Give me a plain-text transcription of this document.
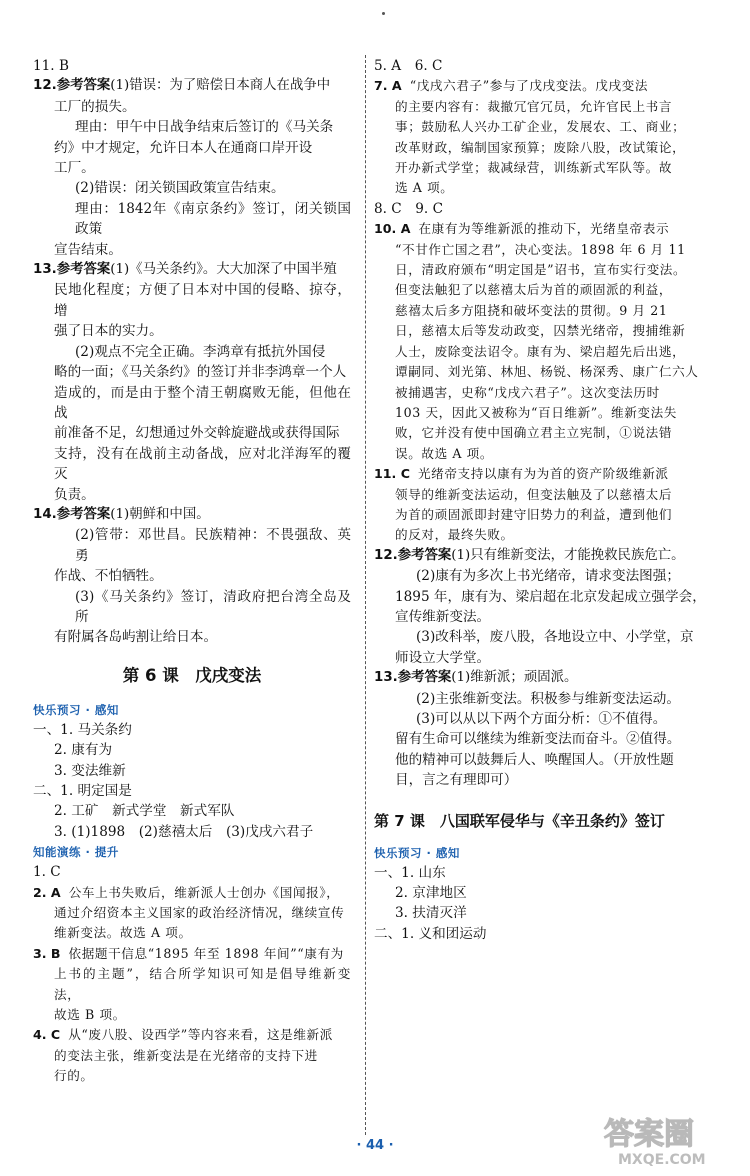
11. B

12.参考答案(1)错误：为了赔偿日本商人在战争中

工厂的损失。

理由：甲午中日战争结束后签订的《马关条

约》中才规定，允许日本人在通商口岸开设

工厂。

(2)错误：闭关锁国政策宣告结束。

理由：1842年《南京条约》签订，闭关锁国政策

宣告结束。

13.参考答案(1)《马关条约》。大大加深了中国半殖

民地化程度；方便了日本对中国的侵略、掠夺，增

强了日本的实力。

(2)观点不完全正确。李鸿章有抵抗外国侵

略的一面；《马关条约》的签订并非李鸿章一个人

造成的，而是由于整个清王朝腐败无能，但他在战

前准备不足，幻想通过外交斡旋避战或获得国际

支持，没有在战前主动备战，应对北洋海军的覆灭

负责。

14.参考答案(1)朝鲜和中国。

(2)管带：邓世昌。民族精神：不畏强敌、英勇

作战、不怕牺牲。

(3)《马关条约》签订，清政府把台湾全岛及所

有附属各岛屿割让给日本。

第 6 课　戊戌变法
快乐预习 · 感知

一、1. 马关条约

2. 康有为

3. 变法维新

二、1. 明定国是

2. 工矿　新式学堂　新式军队

3. (1)1898　(2)慈禧太后　(3)戊戌六君子

知能演练 · 提升

1. C

2. A 公车上书失败后，维新派人士创办《国闻报》，

通过介绍资本主义国家的政治经济情况，继续宣传

维新变法。故选 A 项。

3. B 依据题干信息“1895 年至 1898 年间”“康有为

上书的主题”，结合所学知识可知是倡导维新变法，

故选 B 项。

4. C 从“废八股、设西学”等内容来看，这是维新派

的变法主张，维新变法是在光绪帝的支持下进

行的。

5. A　6. C

7. A “戊戌六君子”参与了戊戌变法。戊戌变法

的主要内容有：裁撤冗官冗员，允许官民上书言

事；鼓励私人兴办工矿企业，发展农、工、商业；

改革财政，编制国家预算；废除八股，改试策论，

开办新式学堂；裁减绿营，训练新式军队等。故

选 A 项。

8. C　9. C

10. A 在康有为等维新派的推动下，光绪皇帝表示

“不甘作亡国之君”，决心变法。1898 年 6 月 11

日，清政府颁布“明定国是”诏书，宣布实行变法。

但变法触犯了以慈禧太后为首的顽固派的利益，

慈禧太后多方阻挠和破坏变法的贯彻。9 月 21

日，慈禧太后等发动政变，囚禁光绪帝，搜捕维新

人士，废除变法诏令。康有为、梁启超先后出逃，

谭嗣同、刘光第、林旭、杨锐、杨深秀、康广仁六人

被捕遇害，史称“戊戌六君子”。这次变法历时

103 天，因此又被称为“百日维新”。维新变法失

败，它并没有使中国确立君主立宪制，①说法错

误。故选 A 项。

11. C 光绪帝支持以康有为为首的资产阶级维新派

领导的维新变法运动，但变法触及了以慈禧太后

为首的顽固派即封建守旧势力的利益，遭到他们

的反对，最终失败。

12.参考答案(1)只有维新变法，才能挽救民族危亡。

(2)康有为多次上书光绪帝，请求变法图强；

1895 年，康有为、梁启超在北京发起成立强学会，

宣传维新变法。

(3)改科举，废八股，各地设立中、小学堂，京

师设立大学堂。

13.参考答案(1)维新派；顽固派。

(2)主张维新变法。积极参与维新变法运动。

(3)可以从以下两个方面分析：①不值得。

留有生命可以继续为维新变法而奋斗。②值得。

他的精神可以鼓舞后人、唤醒国人。（开放性题

目，言之有理即可）

第 7 课　八国联军侵华与《辛丑条约》签订
快乐预习 · 感知

一、1. 山东

2. 京津地区

3. 扶清灭洋

二、1. 义和团运动

· 44 ·	答案圈
MXQE.COM
